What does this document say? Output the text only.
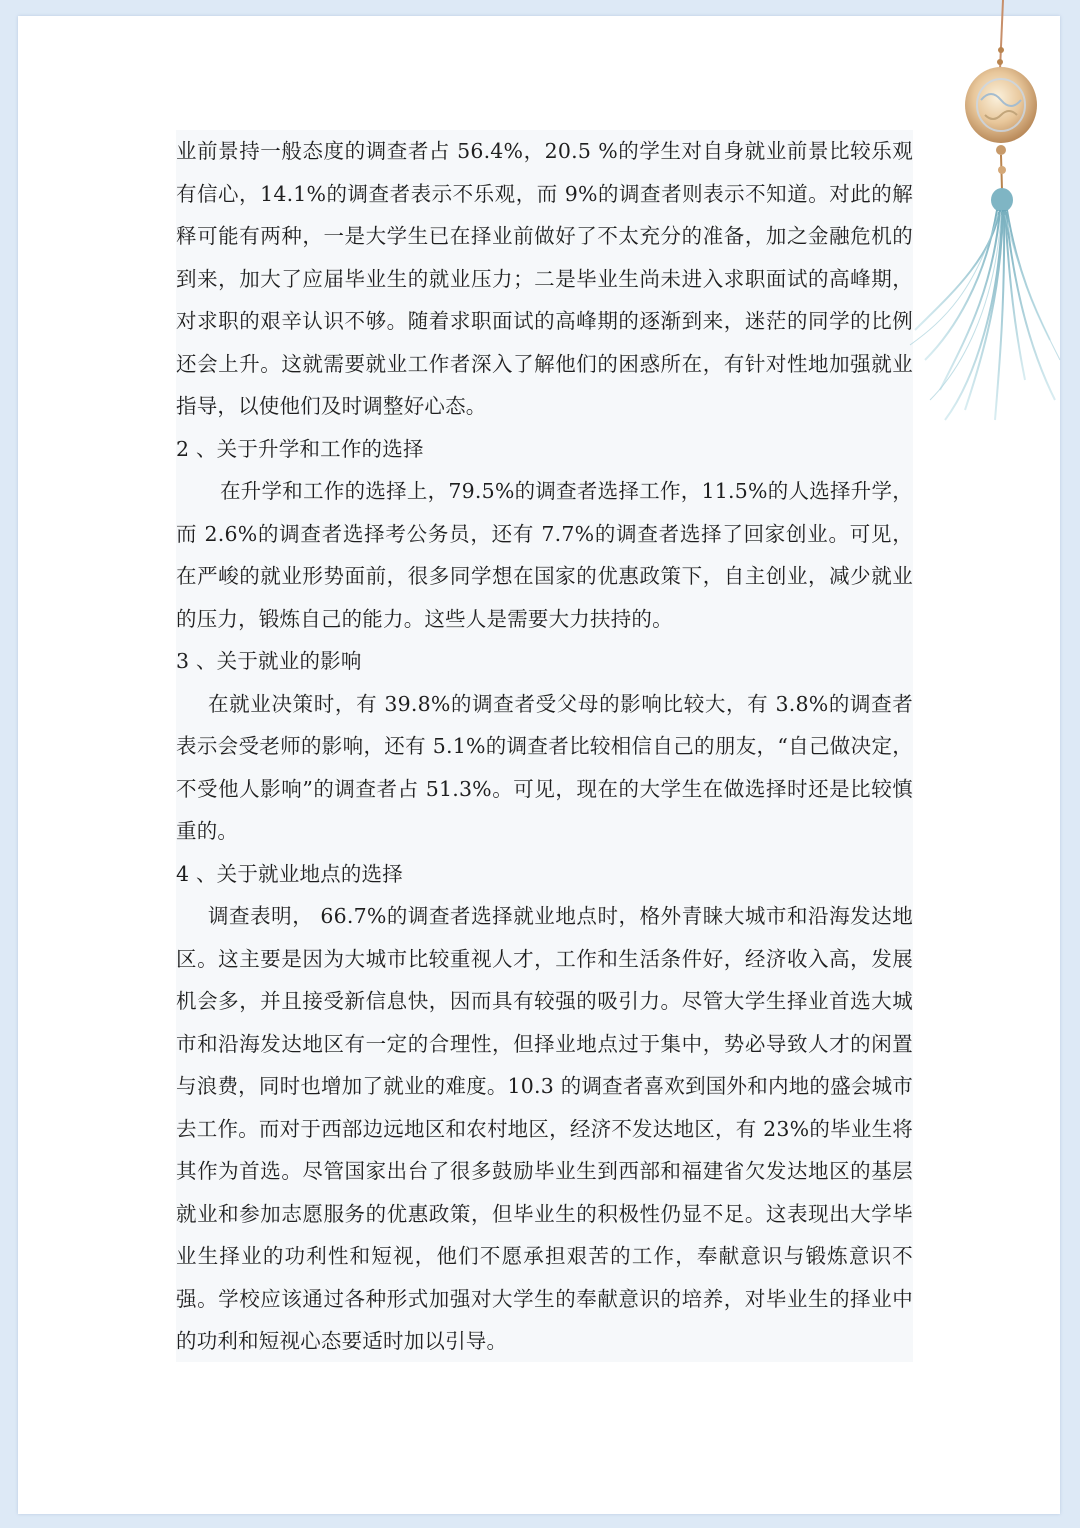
业前景持一般态度的调查者占 56.4%，20.5 %的学生对自身就业前景比较乐观有信心，14.1%的调查者表示不乐观，而 9%的调查者则表示不知道。对此的解释可能有两种，一是大学生已在择业前做好了不太充分的准备，加之金融危机的到来，加大了应届毕业生的就业压力；二是毕业生尚未进入求职面试的高峰期，对求职的艰辛认识不够。随着求职面试的高峰期的逐渐到来，迷茫的同学的比例还会上升。这就需要就业工作者深入了解他们的困惑所在，有针对性地加强就业指导，以使他们及时调整好心态。

2 、关于升学和工作的选择

在升学和工作的选择上，79.5%的调查者选择工作，11.5%的人选择升学，而 2.6%的调查者选择考公务员，还有 7.7%的调查者选择了回家创业。可见，在严峻的就业形势面前，很多同学想在国家的优惠政策下，自主创业，减少就业的压力，锻炼自己的能力。这些人是需要大力扶持的。

3 、关于就业的影响

在就业决策时，有 39.8%的调查者受父母的影响比较大，有 3.8%的调查者表示会受老师的影响，还有 5.1%的调查者比较相信自己的朋友，“自己做决定，不受他人影响”的调查者占 51.3%。可见，现在的大学生在做选择时还是比较慎重的。

4 、关于就业地点的选择

调查表明， 66.7%的调查者选择就业地点时，格外青睐大城市和沿海发达地区。这主要是因为大城市比较重视人才，工作和生活条件好，经济收入高，发展机会多，并且接受新信息快，因而具有较强的吸引力。尽管大学生择业首选大城市和沿海发达地区有一定的合理性，但择业地点过于集中，势必导致人才的闲置与浪费，同时也增加了就业的难度。10.3 的调查者喜欢到国外和内地的盛会城市去工作。而对于西部边远地区和农村地区，经济不发达地区，有 23%的毕业生将其作为首选。尽管国家出台了很多鼓励毕业生到西部和福建省欠发达地区的基层就业和参加志愿服务的优惠政策，但毕业生的积极性仍显不足。这表现出大学毕业生择业的功利性和短视，他们不愿承担艰苦的工作，奉献意识与锻炼意识不强。学校应该通过各种形式加强对大学生的奉献意识的培养，对毕业生的择业中的功利和短视心态要适时加以引导。
